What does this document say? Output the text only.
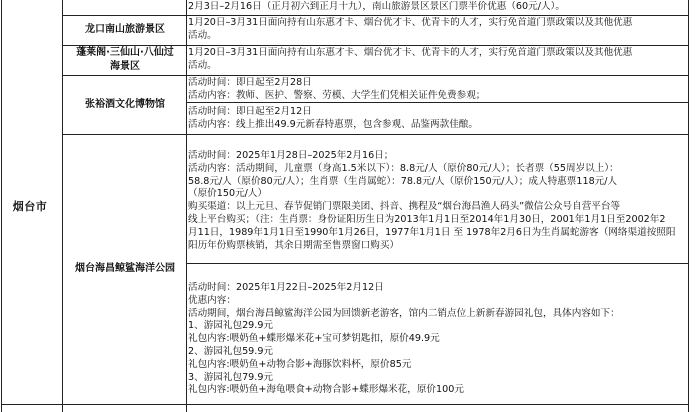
烟台市
龙口南山旅游景区
2月3日–2月16日（正月初六到正月十九），南山旅游景区景区门票半价优惠（60元/人）。
蓬莱阁·三仙山·八仙过
海景区
1月20日–3月31日面向持有山东惠才卡、烟台优才卡、优青卡的人才，实行免首道门票政策以及其他优惠
活动。
1月20日–3月31日面向持有山东惠才卡、烟台优才卡、优青卡的人才，实行免首道门票政策以及其他优惠
活动。
张裕酒文化博物馆
活动时间：即日起至2月28日
活动内容：教师、医护、警察、劳模、大学生们凭相关证件免费参观；
活动时间：即日起至2月12日
活动内容：线上推出49.9元新春特惠票，包含参观、品鉴两款佳酿。
烟台海昌鲸鲨海洋公园
活动时间：2025年1月28日–2025年2月16日；
活动内容：活动期间，儿童票（身高1.5米以下）：8.8元/人（原价80元/人）；长者票（55周岁以上）：
58.8元/人（原价80元/人）；生肖票（生肖属蛇）：78.8元/人（原价150元/人）；成人特惠票118元/人
（原价150元/人）
购买渠道：以上元旦、春节促销门票限美团、抖音、携程及“烟台海昌渔人码头”微信公众号自营平台等
线上平台购买；（注：生肖票：身份证阳历生日为2013年1月1日至2014年1月30日，2001年1月1日至2002年2
月11日，1989年1月1日至1990年1月26日，1977年1月1日 至 1978年2月6日为生肖属蛇游客（网络渠道按照阳
阳历年份购票核销，其余日期需至售票窗口购买）
活动时间：2025年1月22日–2025年2月12日
优惠内容：
活动期间，烟台海昌鲸鲨海洋公园为回馈新老游客，馆内二销点位上新新春游园礼包，具体内容如下：
1、游园礼包29.9元
礼包内容:喂奶鱼+蝶形爆米花+宝可梦钥匙扣，原价49.9元
2、游园礼包59.9元
礼包内容:喂奶鱼+动物合影+海豚饮料杯，原价85元
3、游园礼包79.9元
礼包内容:喂奶鱼+海龟喂食+动物合影+蝶形爆米花，原价100元
